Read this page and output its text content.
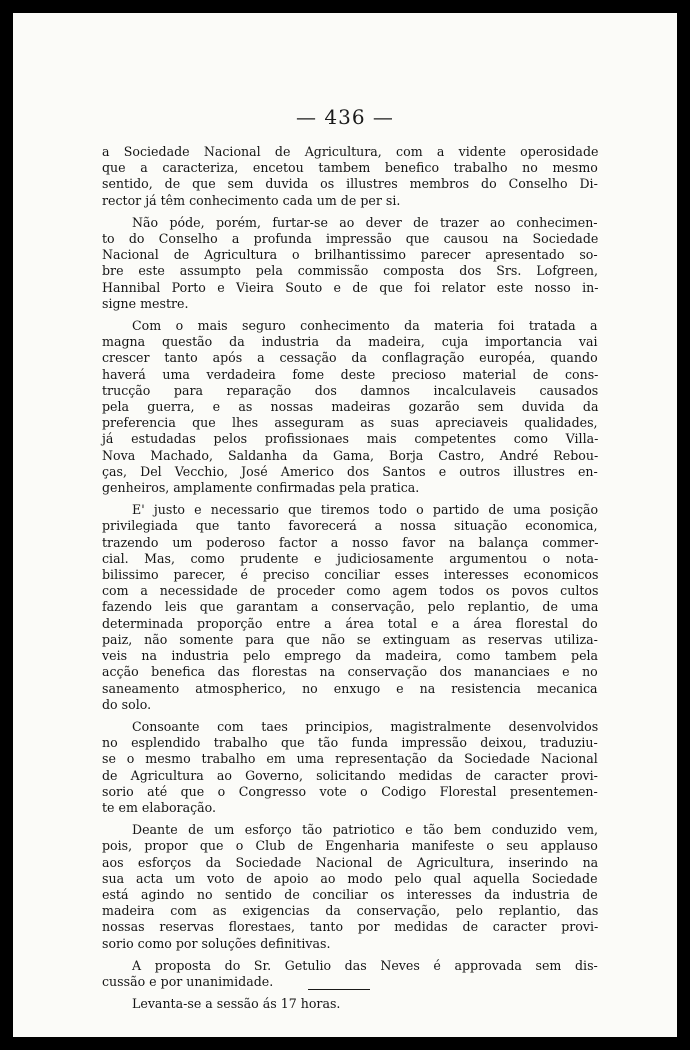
— 436 —

a Sociedade Nacional de Agricultura, com a vidente operosidade
que a caracteriza, encetou tambem benefico trabalho no mesmo
sentido, de que sem duvida os illustres membros do Conselho Di-
rector já têm conhecimento cada um de per si.

Não póde, porém, furtar-se ao dever de trazer ao conhecimen-
to do Conselho a profunda impressão que causou na Sociedade
Nacional de Agricultura o brilhantissimo parecer apresentado so-
bre este assumpto pela commissão composta dos Srs. Lofgreen,
Hannibal Porto e Vieira Souto e de que foi relator este nosso in-
signe mestre.

Com o mais seguro conhecimento da materia foi tratada a
magna questão da industria da madeira, cuja importancia vai
crescer tanto após a cessação da conflagração européa, quando
haverá uma verdadeira fome deste precioso material de cons-
trucção para reparação dos damnos incalculaveis causados
pela guerra, e as nossas madeiras gozarão sem duvida da
preferencia que lhes asseguram as suas apreciaveis qualidades,
já estudadas pelos profissionaes mais competentes como Villa-
Nova Machado, Saldanha da Gama, Borja Castro, André Rebou-
ças, Del Vecchio, José Americo dos Santos e outros illustres en-
genheiros, amplamente confirmadas pela pratica.

E' justo e necessario que tiremos todo o partido de uma posição
privilegiada que tanto favorecerá a nossa situação economica,
trazendo um poderoso factor a nosso favor na balança commer-
cial. Mas, como prudente e judiciosamente argumentou o nota-
bilissimo parecer, é preciso conciliar esses interesses economicos
com a necessidade de proceder como agem todos os povos cultos
fazendo leis que garantam a conservação, pelo replantio, de uma
determinada proporção entre a área total e a área florestal do
paiz, não somente para que não se extinguam as reservas utiliza-
veis na industria pelo emprego da madeira, como tambem pela
acção benefica das florestas na conservação dos mananciaes e no
saneamento atmospherico, no enxugo e na resistencia mecanica
do solo.

Consoante com taes principios, magistralmente desenvolvidos
no esplendido trabalho que tão funda impressão deixou, traduziu-
se o mesmo trabalho em uma representação da Sociedade Nacional
de Agricultura ao Governo, solicitando medidas de caracter provi-
sorio até que o Congresso vote o Codigo Florestal presentemen-
te em elaboração.

Deante de um esforço tão patriotico e tão bem conduzido vem,
pois, propor que o Club de Engenharia manifeste o seu applauso
aos esforços da Sociedade Nacional de Agricultura, inserindo na
sua acta um voto de apoio ao modo pelo qual aquella Sociedade
está agindo no sentido de conciliar os interesses da industria de
madeira com as exigencias da conservação, pelo replantio, das
nossas reservas florestaes, tanto por medidas de caracter provi-
sorio como por soluções definitivas.

A proposta do Sr. Getulio das Neves é approvada sem dis-
cussão e por unanimidade.

Levanta-se a sessão ás 17 horas.
